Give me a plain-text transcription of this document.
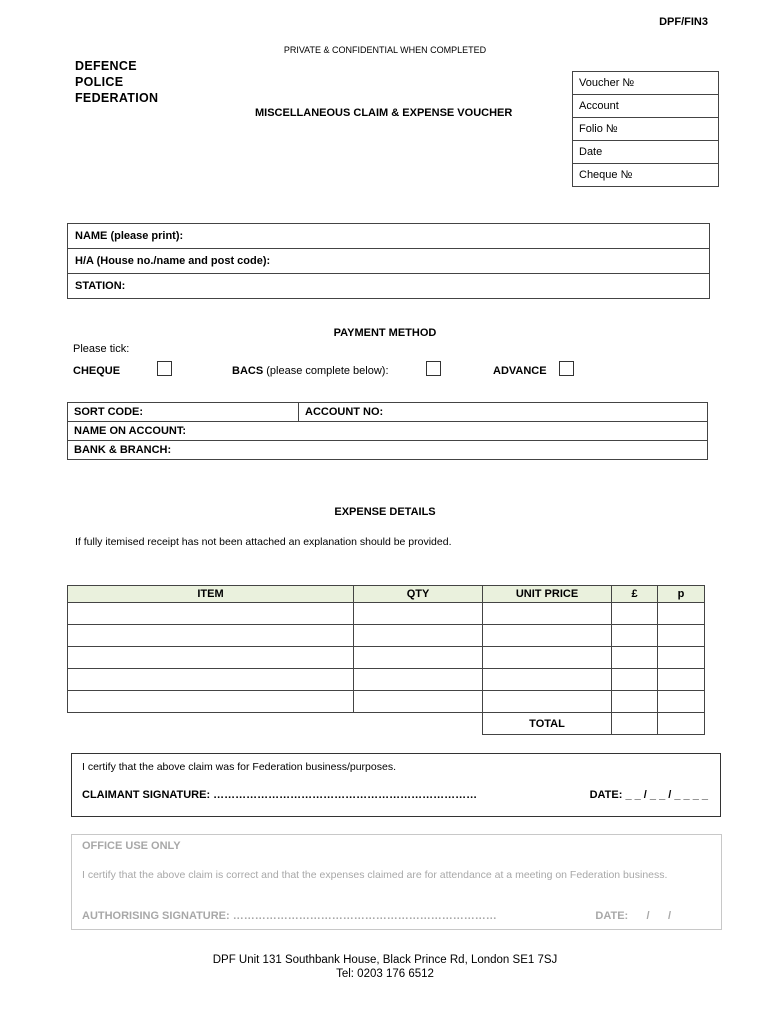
DPF/FIN3
PRIVATE & CONFIDENTIAL WHEN COMPLETED
DEFENCE
POLICE
FEDERATION
MISCELLANEOUS CLAIM & EXPENSE VOUCHER
Voucher №
Account
Folio №
Date
Cheque №
NAME (please print):
H/A (House no./name and post code):
STATION:
PAYMENT METHOD
Please tick:
CHEQUE	BACS (please complete below):	ADVANCE
SORT CODE:	ACCOUNT NO:
NAME ON ACCOUNT:
BANK & BRANCH:
EXPENSE DETAILS
If fully itemised receipt has not been attached an explanation should be provided.
ITEM	QTY	UNIT PRICE	£	p

		TOTAL		
I certify that the above claim was for Federation business/purposes.
CLAIMANT SIGNATURE: ………………………………………………………………	DATE: _ _ / _ _ / _ _ _ _
OFFICE USE ONLY
I certify that the above claim is correct and that the expenses claimed are for attendance at a meeting on Federation business.
AUTHORISING SIGNATURE: ………………………………………………………………	DATE:      /      /
DPF Unit 131 Southbank House, Black Prince Rd, London SE1 7SJ
Tel: 0203 176 6512
